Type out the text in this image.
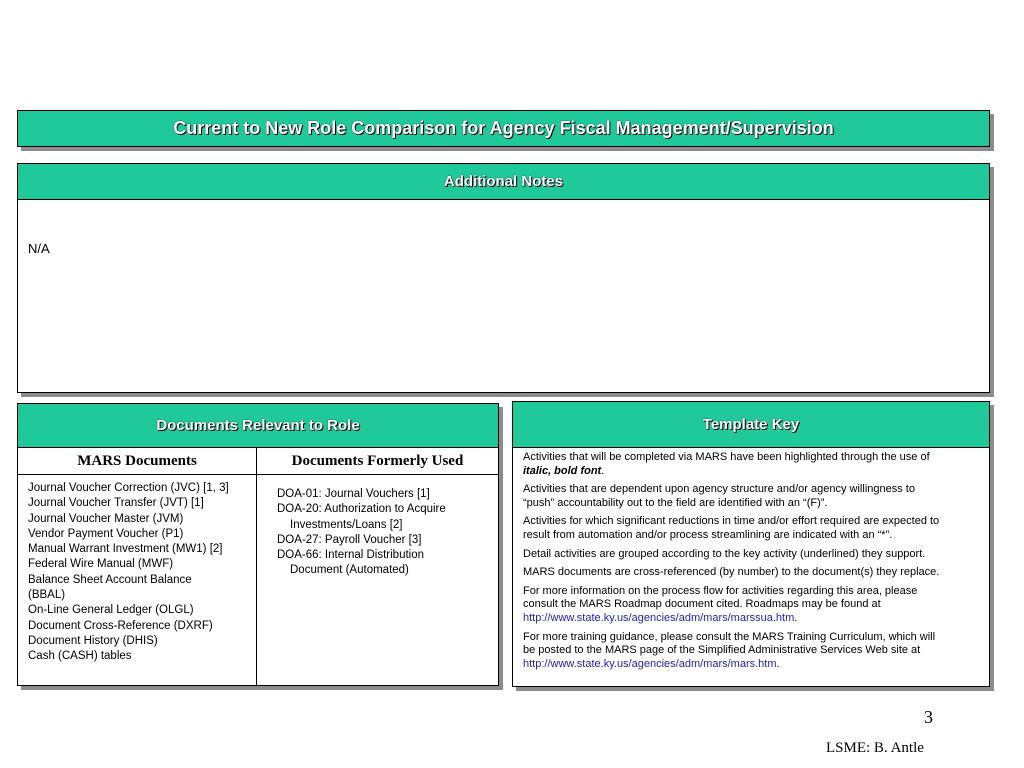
Current to New Role Comparison for Agency Fiscal Management/Supervision
Additional Notes
N/A
Documents Relevant to Role
MARS Documents	Documents Formerly Used
Journal Voucher Correction (JVC) [1, 3]
Journal Voucher Transfer (JVT) [1]
Journal Voucher Master (JVM)
Vendor Payment Voucher (P1)
Manual Warrant Investment (MW1) [2]
Federal Wire Manual (MWF)
Balance Sheet Account Balance
(BBAL)
On-Line General Ledger (OLGL)
Document Cross-Reference (DXRF)
Document History (DHIS)
Cash (CASH) tables
DOA-01: Journal Vouchers [1]
DOA-20: Authorization to Acquire
Investments/Loans [2]
DOA-27: Payroll Voucher [3]
DOA-66: Internal Distribution
Document (Automated)
Template Key

Activities that will be completed via MARS have been highlighted through the use of
italic, bold font.

Activities that are dependent upon agency structure and/or agency willingness to
“push” accountability out to the field are identified with an “(F)”.

Activities for which significant reductions in time and/or effort required are expected to
result from automation and/or process streamlining are indicated with an “*”.

Detail activities are grouped according to the key activity (underlined) they support.

MARS documents are cross-referenced (by number) to the document(s) they replace.

For more information on the process flow for activities regarding this area, please
consult the MARS Roadmap document cited. Roadmaps may be found at
http://www.state.ky.us/agencies/adm/mars/marssua.htm.

For more training guidance, please consult the MARS Training Curriculum, which will
be posted to the MARS page of the Simplified Administrative Services Web site at
http://www.state.ky.us/agencies/adm/mars/mars.htm.

3
LSME: B. Antle
